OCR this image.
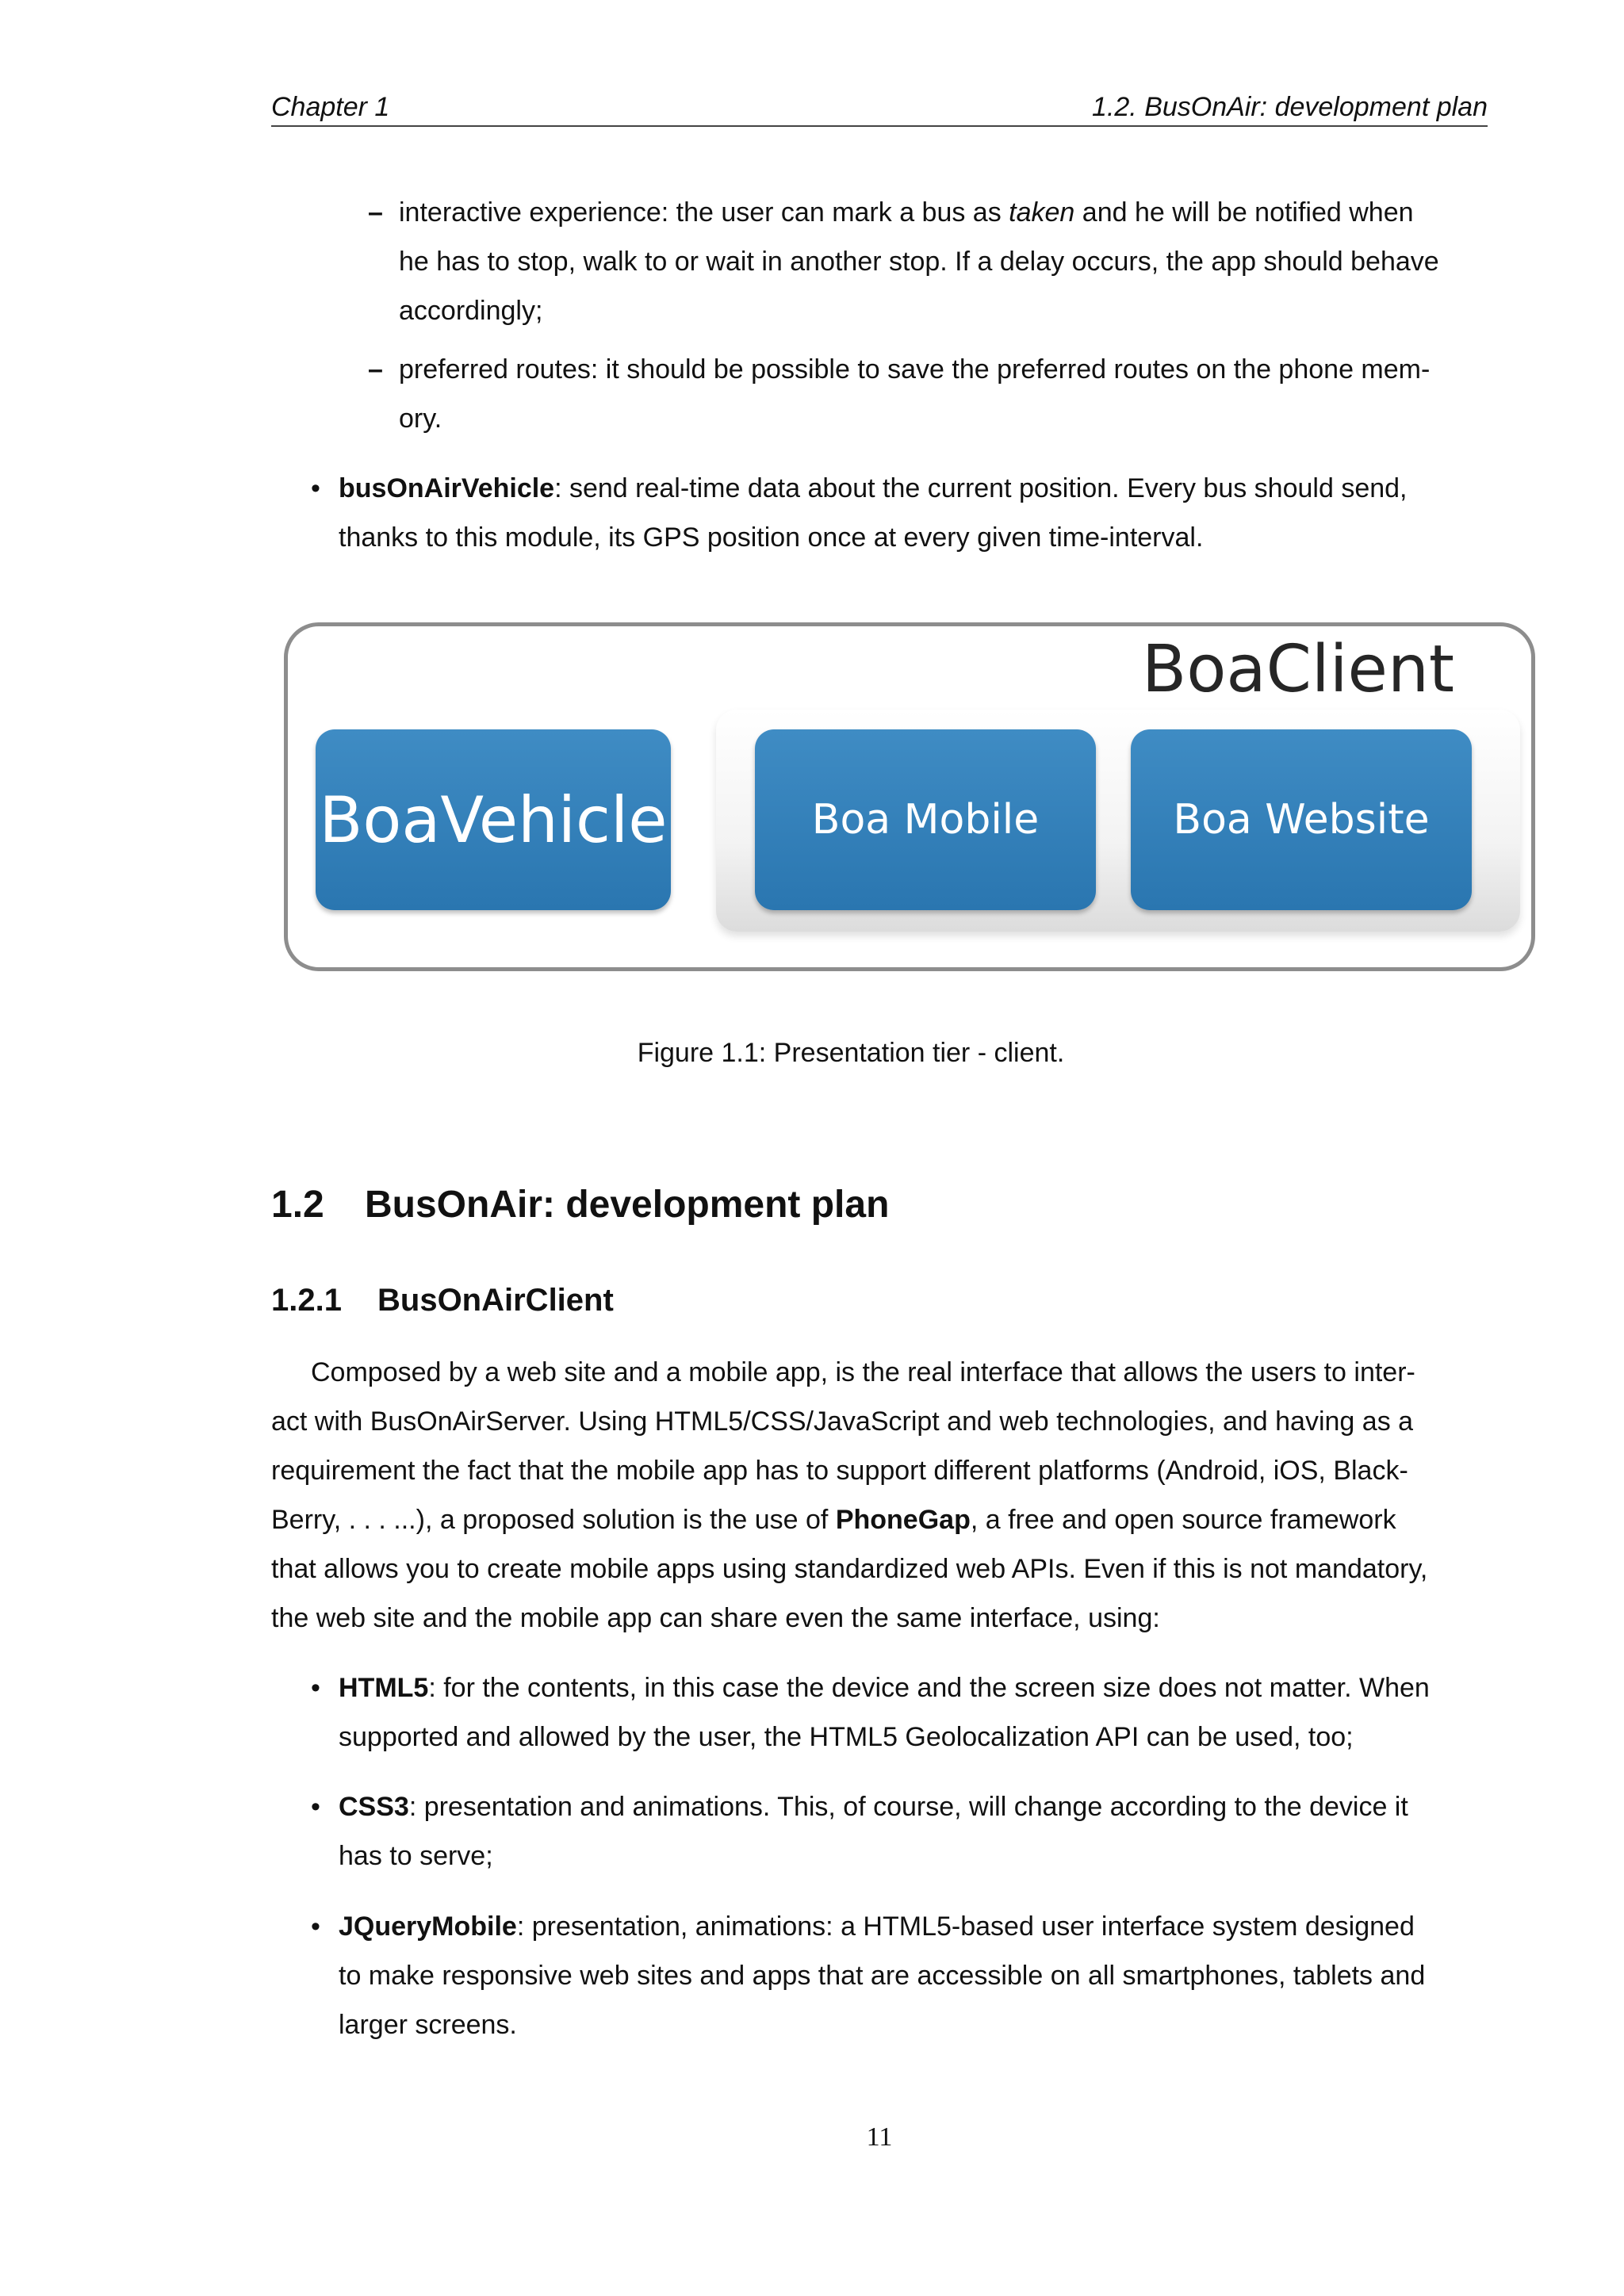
Chapter 1	1.2. BusOnAir: development plan
– interactive experience: the user can mark a bus as taken and he will be notified when
he has to stop, walk to or wait in another stop. If a delay occurs, the app should behave
accordingly;
– preferred routes: it should be possible to save the preferred routes on the phone mem-
ory.
• busOnAirVehicle: send real-time data about the current position. Every bus should send,
thanks to this module, its GPS position once at every given time-interval.
BoaClient
BoaVehicle	Boa Mobile	Boa Website
Figure 1.1: Presentation tier - client.
1.2 BusOnAir: development plan
1.2.1 BusOnAirClient
Composed by a web site and a mobile app, is the real interface that allows the users to inter-
act with BusOnAirServer. Using HTML5/CSS/JavaScript and web technologies, and having as a
requirement the fact that the mobile app has to support different platforms (Android, iOS, Black-
Berry, . . . ...), a proposed solution is the use of PhoneGap, a free and open source framework
that allows you to create mobile apps using standardized web APIs. Even if this is not mandatory,
the web site and the mobile app can share even the same interface, using:
• HTML5: for the contents, in this case the device and the screen size does not matter. When
supported and allowed by the user, the HTML5 Geolocalization API can be used, too;
• CSS3: presentation and animations. This, of course, will change according to the device it
has to serve;
• JQueryMobile: presentation, animations: a HTML5-based user interface system designed
to make responsive web sites and apps that are accessible on all smartphones, tablets and
larger screens.
11
